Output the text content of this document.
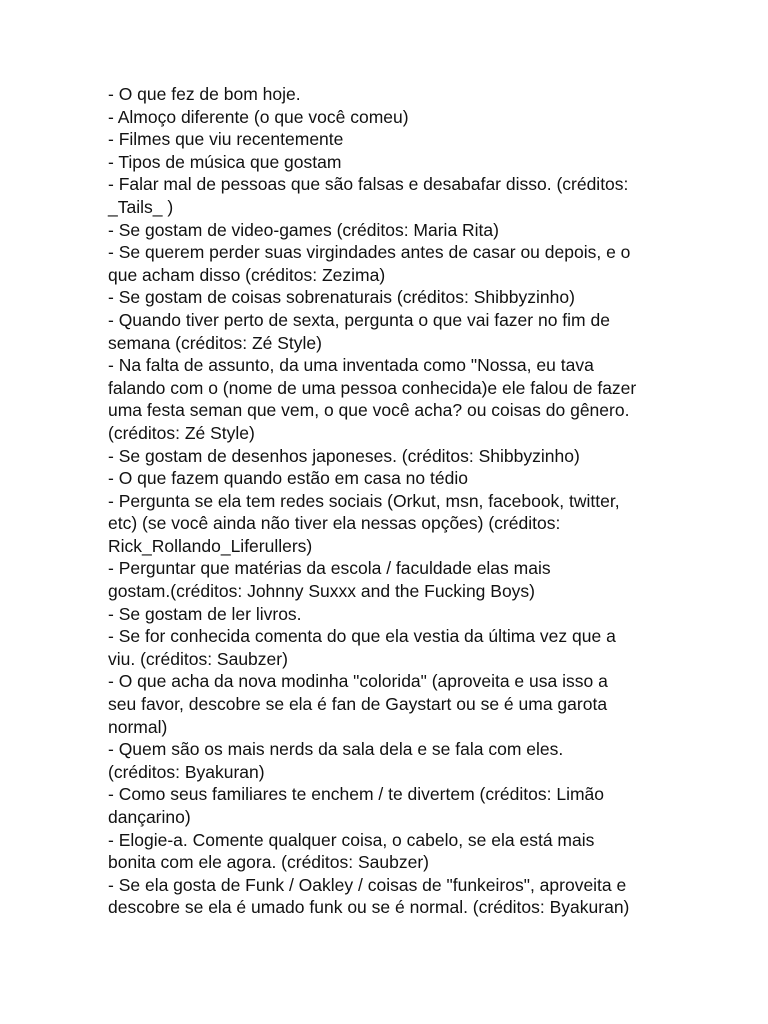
- O que fez de bom hoje.
- Almoço diferente (o que você comeu)
- Filmes que viu recentemente
- Tipos de música que gostam
- Falar mal de pessoas que são falsas e desabafar disso. (créditos:
_Tails_ )
- Se gostam de video-games (créditos: Maria Rita)
- Se querem perder suas virgindades antes de casar ou depois, e o
que acham disso (créditos: Zezima)
- Se gostam de coisas sobrenaturais (créditos: Shibbyzinho)
- Quando tiver perto de sexta, pergunta o que vai fazer no fim de
semana (créditos: Zé Style)
- Na falta de assunto, da uma inventada como "Nossa, eu tava
falando com o (nome de uma pessoa conhecida)e ele falou de fazer
uma festa seman que vem, o que você acha? ou coisas do gênero.
(créditos: Zé Style)
- Se gostam de desenhos japoneses. (créditos: Shibbyzinho)
- O que fazem quando estão em casa no tédio
- Pergunta se ela tem redes sociais (Orkut, msn, facebook, twitter,
etc) (se você ainda não tiver ela nessas opções) (créditos:
Rick_Rollando_Liferullers)
- Perguntar que matérias da escola / faculdade elas mais
gostam.(créditos: Johnny Suxxx and the Fucking Boys)
- Se gostam de ler livros.
- Se for conhecida comenta do que ela vestia da última vez que a
viu. (créditos: Saubzer)
- O que acha da nova modinha "colorida" (aproveita e usa isso a
seu favor, descobre se ela é fan de Gaystart ou se é uma garota
normal)
- Quem são os mais nerds da sala dela e se fala com eles.
(créditos: Byakuran)
- Como seus familiares te enchem / te divertem (créditos: Limão
dançarino)
- Elogie-a. Comente qualquer coisa, o cabelo, se ela está mais
bonita com ele agora. (créditos: Saubzer)
- Se ela gosta de Funk / Oakley / coisas de "funkeiros", aproveita e
descobre se ela é umado funk ou se é normal. (créditos: Byakuran)
